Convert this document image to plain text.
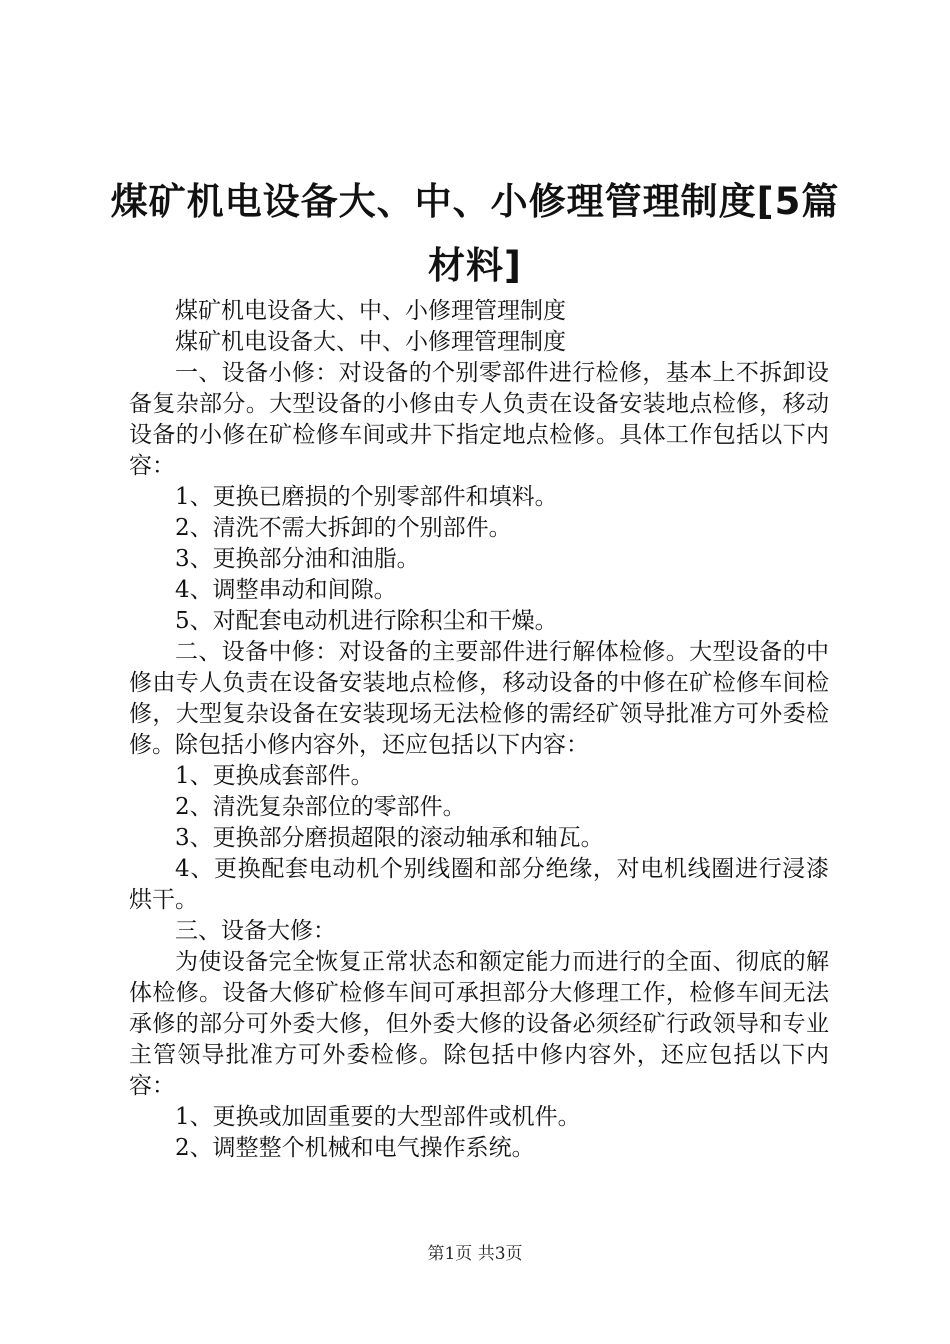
煤矿机电设备大、中、小修理管理制度[5篇材料]

煤矿机电设备大、中、小修理管理制度

煤矿机电设备大、中、小修理管理制度

一、设备小修：对设备的个别零部件进行检修，基本上不拆卸设备复杂部分。大型设备的小修由专人负责在设备安装地点检修，移动设备的小修在矿检修车间或井下指定地点检修。具体工作包括以下内容：

1、更换已磨损的个别零部件和填料。

2、清洗不需大拆卸的个别部件。

3、更换部分油和油脂。

4、调整串动和间隙。

5、对配套电动机进行除积尘和干燥。

二、设备中修：对设备的主要部件进行解体检修。大型设备的中修由专人负责在设备安装地点检修，移动设备的中修在矿检修车间检修，大型复杂设备在安装现场无法检修的需经矿领导批准方可外委检修。除包括小修内容外，还应包括以下内容：

1、更换成套部件。

2、清洗复杂部位的零部件。

3、更换部分磨损超限的滚动轴承和轴瓦。

4、更换配套电动机个别线圈和部分绝缘，对电机线圈进行浸漆烘干。

三、设备大修：

为使设备完全恢复正常状态和额定能力而进行的全面、彻底的解体检修。设备大修矿检修车间可承担部分大修理工作，检修车间无法承修的部分可外委大修，但外委大修的设备必须经矿行政领导和专业主管领导批准方可外委检修。除包括中修内容外，还应包括以下内容：

1、更换或加固重要的大型部件或机件。

2、调整整个机械和电气操作系统。

第1页 共3页
